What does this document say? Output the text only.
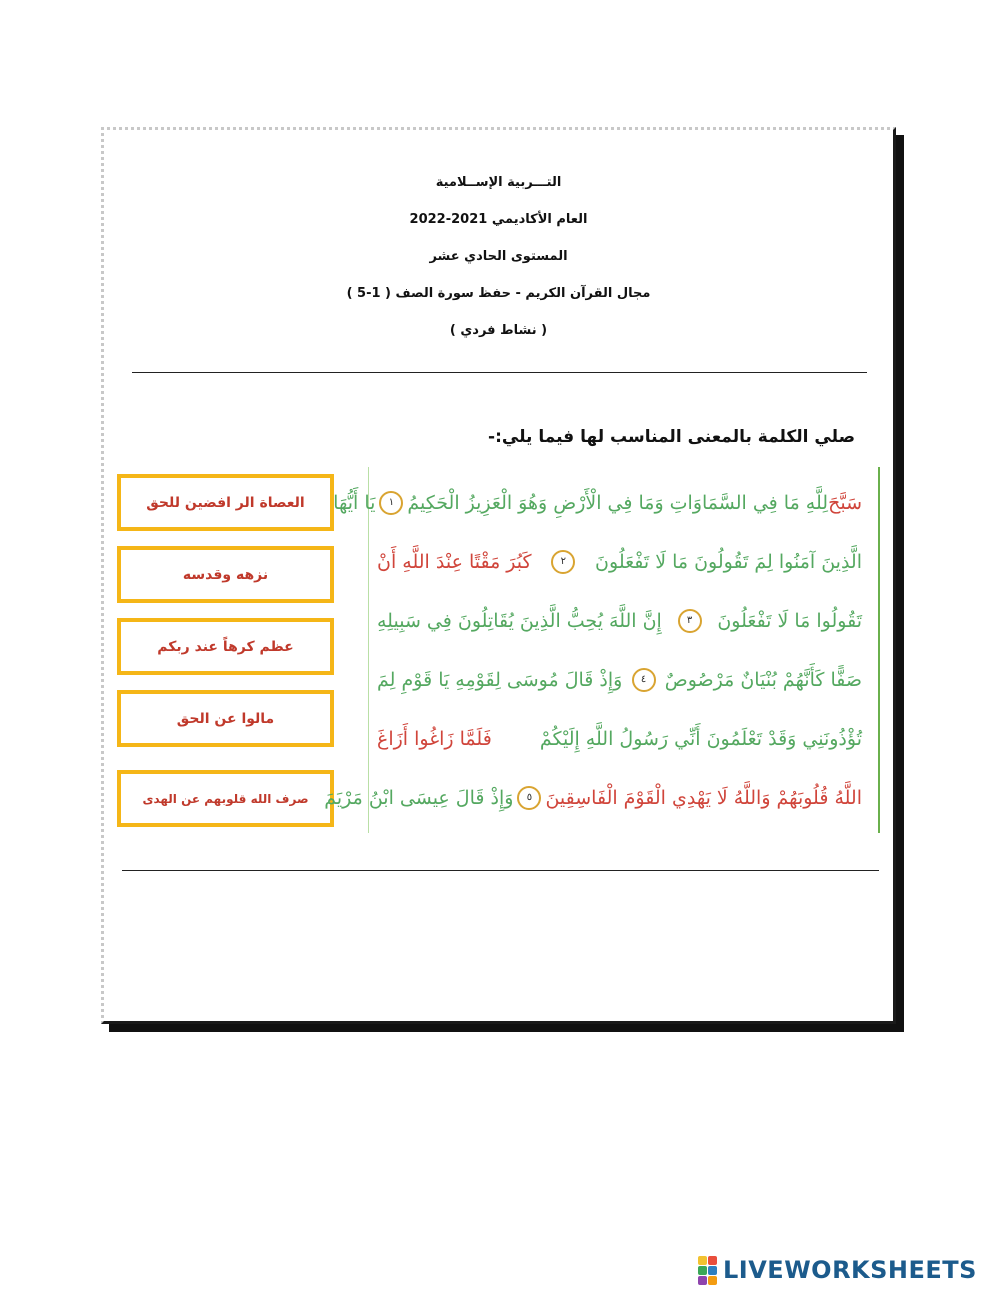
التـــربية الإســلامية
العام الأكاديمي 2021-2022
المستوى الحادي عشر
مجال القرآن الكريم - حفظ سورة الصف ( 1-5 )
( نشاط فردي )
صلي الكلمة بالمعنى المناسب لها فيما يلي:-
العصاة الر افضين للحق
نزهه وقدسه
عظم كرهاً عند ربكم
مالوا عن الحق
صرف الله قلوبهم عن الهدى
سَبَّحَ
لِلَّهِ مَا فِي السَّمَاوَاتِ وَمَا فِي الْأَرْضِ وَهُوَ الْعَزِيزُ الْحَكِيمُ
١
يَا أَيُّهَا
الَّذِينَ آمَنُوا لِمَ تَقُولُونَ مَا لَا تَفْعَلُونَ
٢
كَبُرَ مَقْتًا عِنْدَ اللَّهِ أَنْ
تَقُولُوا مَا لَا تَفْعَلُونَ
٣
إِنَّ اللَّهَ يُحِبُّ الَّذِينَ يُقَاتِلُونَ فِي سَبِيلِهِ
صَفًّا كَأَنَّهُمْ بُنْيَانٌ مَرْصُوصٌ
٤
وَإِذْ قَالَ مُوسَى لِقَوْمِهِ يَا قَوْمِ لِمَ
تُؤْذُونَنِي وَقَدْ تَعْلَمُونَ أَنِّي رَسُولُ اللَّهِ إِلَيْكُمْ
فَلَمَّا زَاغُوا أَزَاغَ
اللَّهُ قُلُوبَهُمْ وَاللَّهُ لَا يَهْدِي الْقَوْمَ الْفَاسِقِينَ
٥
وَإِذْ قَالَ عِيسَى ابْنُ مَرْيَمَ
LIVEWORKSHEETS
